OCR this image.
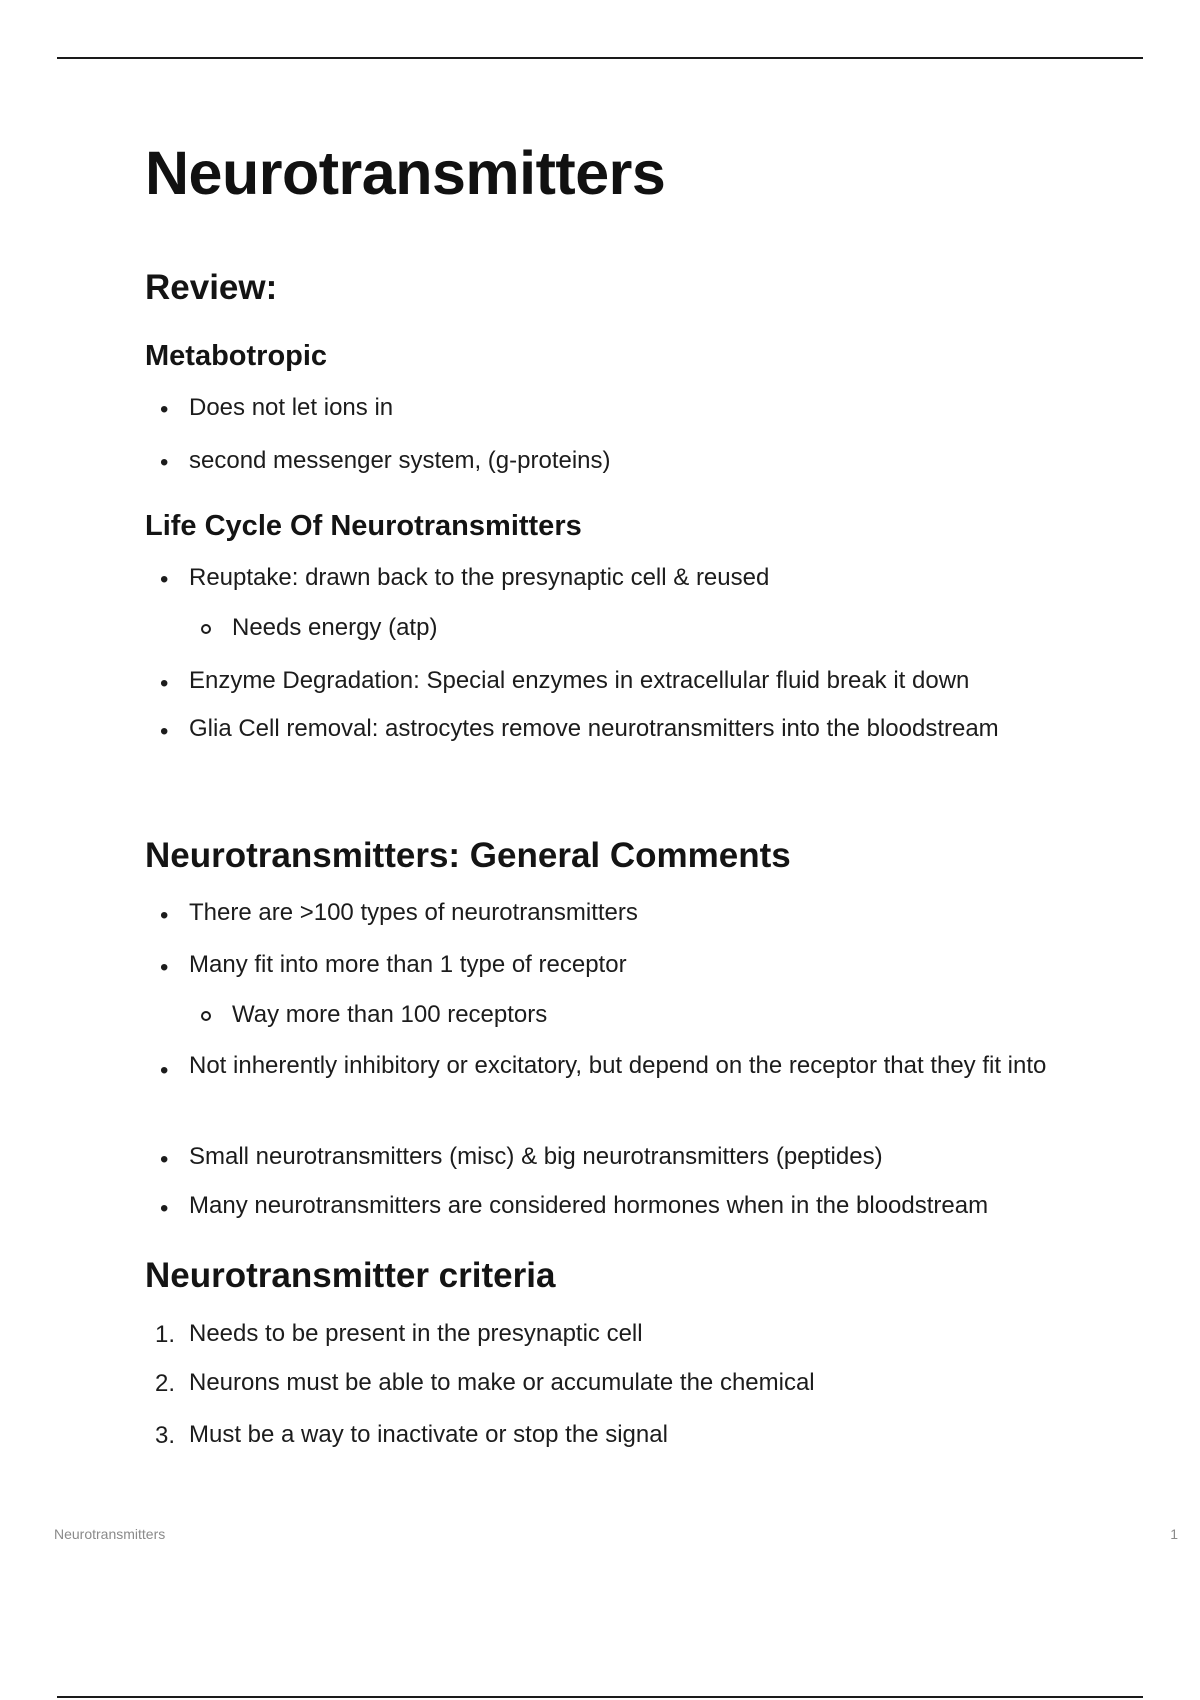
Neurotransmitters
Review:
Metabotropic
• Does not let ions in
• second messenger system, (g-proteins)
Life Cycle Of Neurotransmitters
• Reuptake: drawn back to the presynaptic cell & reused
Needs energy (atp)
• Enzyme Degradation: Special enzymes in extracellular fluid break it down
• Glia Cell removal: astrocytes remove neurotransmitters into the bloodstream
Neurotransmitters: General Comments
• There are >100 types of neurotransmitters
• Many fit into more than 1 type of receptor
Way more than 100 receptors
• Not inherently inhibitory or excitatory, but depend on the receptor that they fit into
• Small neurotransmitters (misc) & big neurotransmitters (peptides)
• Many neurotransmitters are considered hormones when in the bloodstream
Neurotransmitter criteria
1. Needs to be present in the presynaptic cell
2. Neurons must be able to make or accumulate the chemical
3. Must be a way to inactivate or stop the signal
Neurotransmitters	1
